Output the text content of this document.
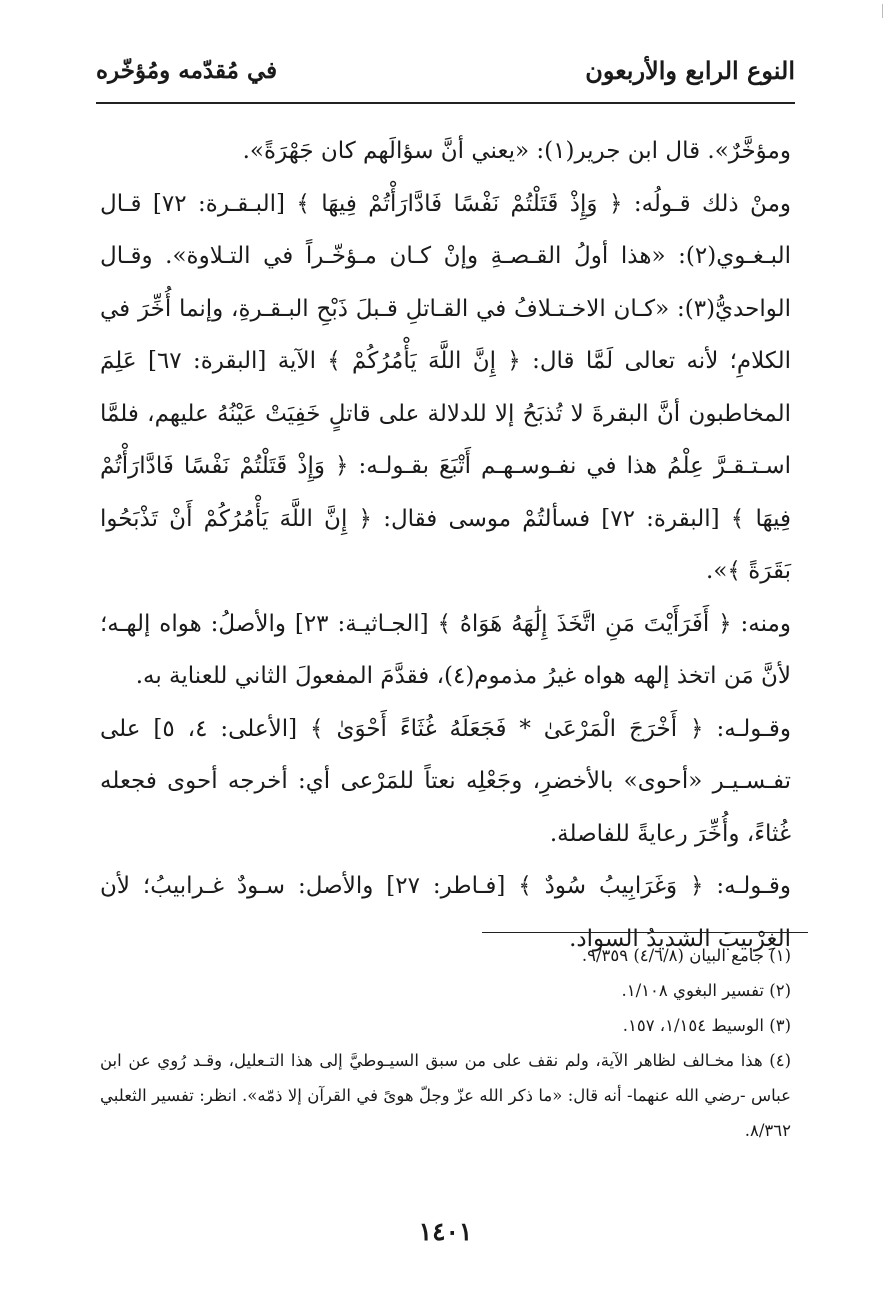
النوع الرابع والأربعون
في مُقدّمه ومُؤخّره

ومؤخَّرٌ». قال ابن جرير(١): «يعني أنَّ سؤالَهم كان جَهْرَةً».

ومنْ ذلك قـولُه: ﴿ وَإِذْ قَتَلْتُمْ نَفْسًا فَادَّارَأْتُمْ فِيهَا ﴾ [البـقـرة: ٧٢] قـال البـغـوي(٢): «هذا أولُ القـصـةِ وإنْ كـان مـؤخّـراً في التـلاوة». وقـال الواحديُّ(٣): «كـان الاخـتـلافُ في القـاتلِ قـبلَ ذَبْحِ البـقـرةِ، وإنما أُخِّرَ في الكلامِ؛ لأنه تعالى لَمَّا قال: ﴿ إِنَّ اللَّهَ يَأْمُرُكُمْ ﴾ الآية [البقرة: ٦٧] عَلِمَ المخاطبون أنَّ البقرةَ لا تُذبَحُ إلا للدلالة على قاتلٍ خَفِيَتْ عَيْنُهُ عليهم، فلمَّا اسـتـقـرَّ عِلْمُ هذا في نفـوسـهـم أَتْبَعَ بقـولـه: ﴿ وَإِذْ قَتَلْتُمْ نَفْسًا فَادَّارَأْتُمْ فِيهَا ﴾ [البقرة: ٧٢] فسألتُمْ موسى فقال: ﴿ إِنَّ اللَّهَ يَأْمُرُكُمْ أَنْ تَذْبَحُوا بَقَرَةً ﴾».

ومنه: ﴿ أَفَرَأَيْتَ مَنِ اتَّخَذَ إِلَٰهَهُ هَوَاهُ ﴾ [الجـاثيـة: ٢٣] والأصلُ: هواه إلهـه؛ لأنَّ مَن اتخذ إلهه هواه غيرُ مذموم(٤)، فقدَّمَ المفعولَ الثاني للعناية به.

وقـولـه: ﴿ أَخْرَجَ الْمَرْعَىٰ * فَجَعَلَهُ غُثَاءً أَحْوَىٰ ﴾ [الأعلى: ٤، ٥] على تفـسـيـر «أحوى» بالأخضرِ، وجَعْلِه نعتاً للمَرْعى أي: أخرجه أحوى فجعله غُثاءً، وأُخِّرَ رعايةً للفاصلة.

وقـولـه: ﴿ وَغَرَابِيبُ سُودٌ ﴾ [فـاطر: ٢٧] والأصل: سـودٌ غـرابيبُ؛ لأن الغِرْبيبَ الشديدُ السواد.

(١) جامع البيان (٤/٦/٨) ٩/٣٥٩.

(٢) تفسير البغوي ١/١٠٨.

(٣) الوسيط ١/١٥٤، ١٥٧.

(٤) هذا مخـالف لظاهر الآية، ولم نقف على من سبق السيـوطيَّ إلى هذا التـعليل، وقـد رُوي عن ابن عباس -رضي الله عنهما- أنه قال: «ما ذكر الله عزّ وجلّ هوىً في القرآن إلا ذمّه». انظر: تفسير الثعلبي ٨/٣٦٢.

١٤٠١
